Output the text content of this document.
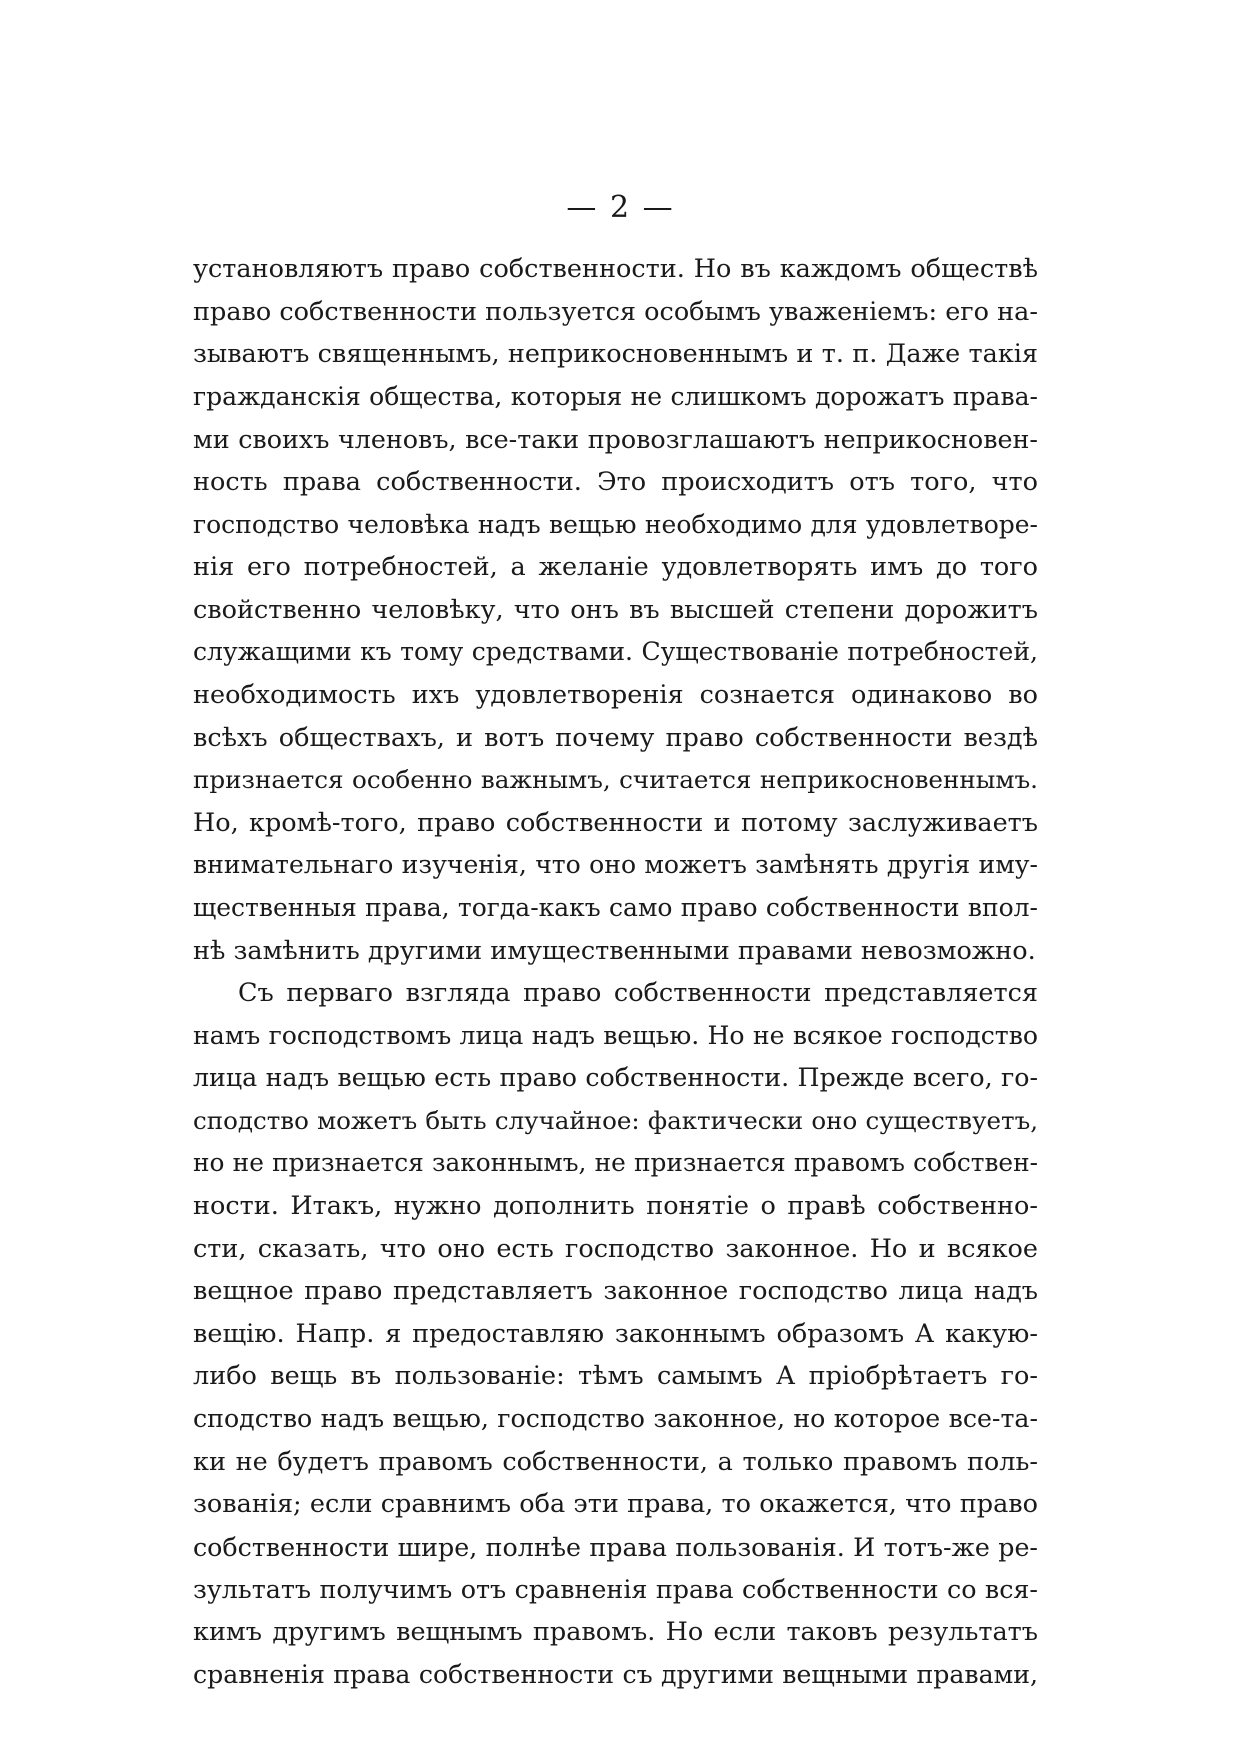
— 2 —
установляютъ право собственности. Но въ каждомъ обществѣ
право собственности пользуется особымъ уваженіемъ: его на-
зываютъ священнымъ, неприкосновеннымъ и т. п. Даже такія
гражданскія общества, которыя не слишкомъ дорожатъ права-
ми своихъ членовъ, все-таки провозглашаютъ неприкосновен-
ность права собственности. Это происходитъ отъ того, что
господство человѣка надъ вещью необходимо для удовлетворе-
нія его потребностей, а желаніе удовлетворять имъ до того
свойственно человѣку, что онъ въ высшей степени дорожитъ
служащими къ тому средствами. Существованіе потребностей,
необходимость ихъ удовлетворенія сознается одинаково во
всѣхъ обществахъ, и вотъ почему право собственности вездѣ
признается особенно важнымъ, считается неприкосновеннымъ.
Но, кромѣ-того, право собственности и потому заслуживаетъ
внимательнаго изученія, что оно можетъ замѣнять другія иму-
щественныя права, тогда-какъ само право собственности впол-
нѣ замѣнить другими имущественными правами невозможно.
Съ перваго взгляда право собственности представляется
намъ господствомъ лица надъ вещью. Но не всякое господство
лица надъ вещью есть право собственности. Прежде всего, го-
сподство можетъ быть случайное: фактически оно существуетъ,
но не признается законнымъ, не признается правомъ собствен-
ности. Итакъ, нужно дополнить понятіе о правѣ собственно-
сти, сказать, что оно есть господство законное. Но и всякое
вещное право представляетъ законное господство лица надъ
вещію. Напр. я предоставляю законнымъ образомъ А какую-
либо вещь въ пользованіе: тѣмъ самымъ А пріобрѣтаетъ го-
сподство надъ вещью, господство законное, но которое все-та-
ки не будетъ правомъ собственности, а только правомъ поль-
зованія; если сравнимъ оба эти права, то окажется, что право
собственности шире, полнѣе права пользованія. И тотъ-же ре-
зультатъ получимъ отъ сравненія права собственности со вся-
кимъ другимъ вещнымъ правомъ. Но если таковъ результатъ
сравненія права собственности съ другими вещными правами,
